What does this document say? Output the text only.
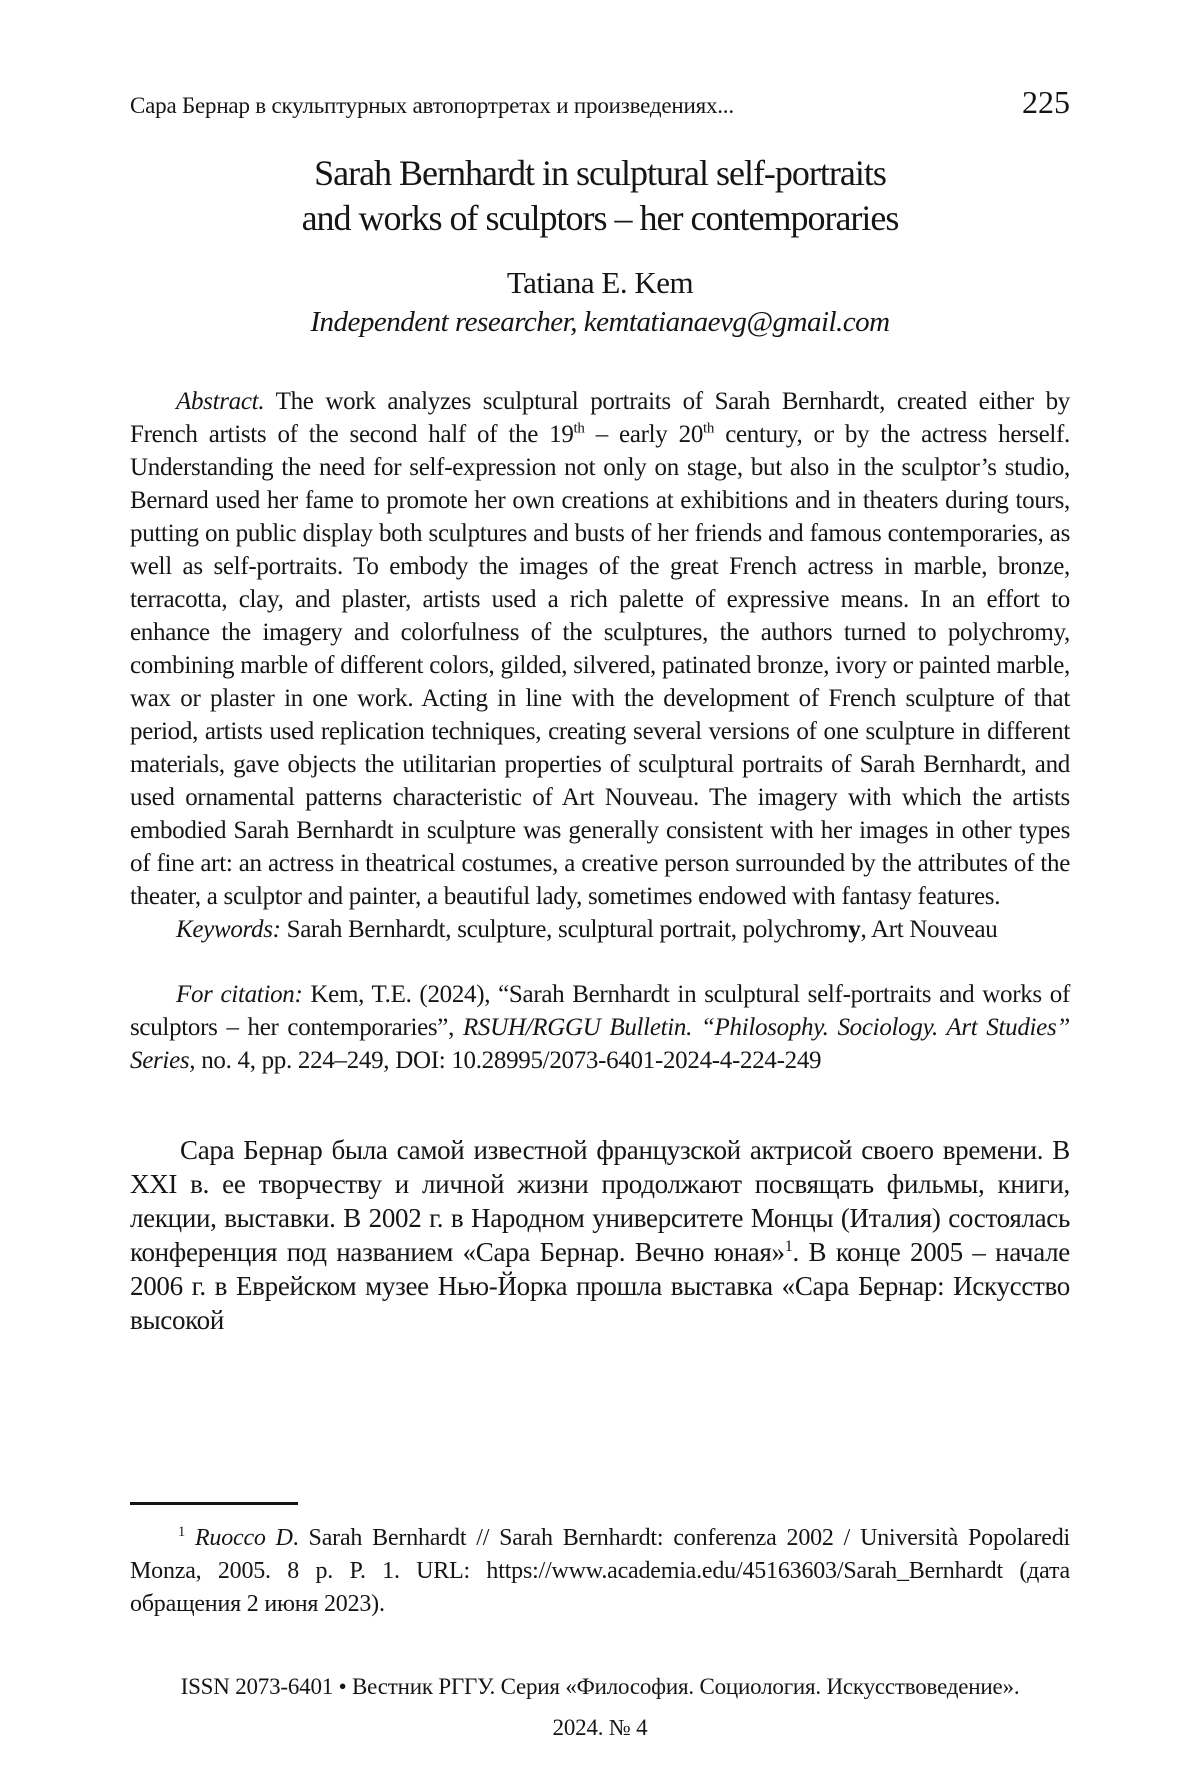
Сара Бернар в скульптурных автопортретах и произведениях...	225
Sarah Bernhardt in sculptural self-portraits
and works of sculptors – her contemporaries
Tatiana E. Kem
Independent researcher, kemtatianaevg@gmail.com

Abstract. The work analyzes sculptural portraits of Sarah Bernhardt, created either by French artists of the second half of the 19th – early 20th century, or by the actress herself. Understanding the need for self-expression not only on stage, but also in the sculptor’s studio, Bernard used her fame to promote her own creations at exhibitions and in theaters during tours, putting on public display both sculptures and busts of her friends and famous contemporaries, as well as self-portraits. To embody the images of the great French actress in marble, bronze, terracotta, clay, and plaster, artists used a rich palette of expressive means. In an effort to enhance the imagery and colorfulness of the sculptures, the authors turned to polychromy, combining marble of different colors, gilded, silvered, patinated bronze, ivory or painted marble, wax or plaster in one work. Acting in line with the development of French sculpture of that period, artists used replication techniques, creating several versions of one sculpture in different materials, gave objects the utilitarian properties of sculptural portraits of Sarah Bernhardt, and used ornamental patterns characteristic of Art Nouveau. The imagery with which the artists embodied Sarah Bernhardt in sculpture was generally consistent with her images in other types of fine art: an actress in theatrical costumes, a creative person surrounded by the attributes of the theater, a sculptor and painter, a beautiful lady, sometimes endowed with fantasy features.

Keywords: Sarah Bernhardt, sculpture, sculptural portrait, polychromy, Art Nouveau

For citation: Kem, T.E. (2024), “Sarah Bernhardt in sculptural self-portraits and works of sculptors – her contemporaries”, RSUH/RGGU Bulletin. “Philosophy. Sociology. Art Studies” Series, no. 4, pp. 224–249, DOI: 10.28995/2073-6401-2024-4-224-249

Сара Бернар была самой известной французской актрисой своего времени. В XXI в. ее творчеству и личной жизни продолжают посвящать фильмы, книги, лекции, выставки. В 2002 г. в Народном университете Монцы (Италия) состоялась конференция под названием «Сара Бернар. Вечно юная»$^1$. В конце 2005 – начале 2006 г. в Еврейском музее Нью-Йорка прошла выставка «Сара Бернар: Искусство высокой

$^1$ Ruocco D. Sarah Bernhardt // Sarah Bernhardt: conferenza 2002 / Università Popolaredi Monza, 2005. 8 p. P. 1. URL: https://www.academia.edu/45163603/Sarah_Bernhardt (дата обращения 2 июня 2023).

ISSN 2073-6401 • Вестник РГГУ. Серия «Философия. Социология. Искусствоведение».
2024. № 4
